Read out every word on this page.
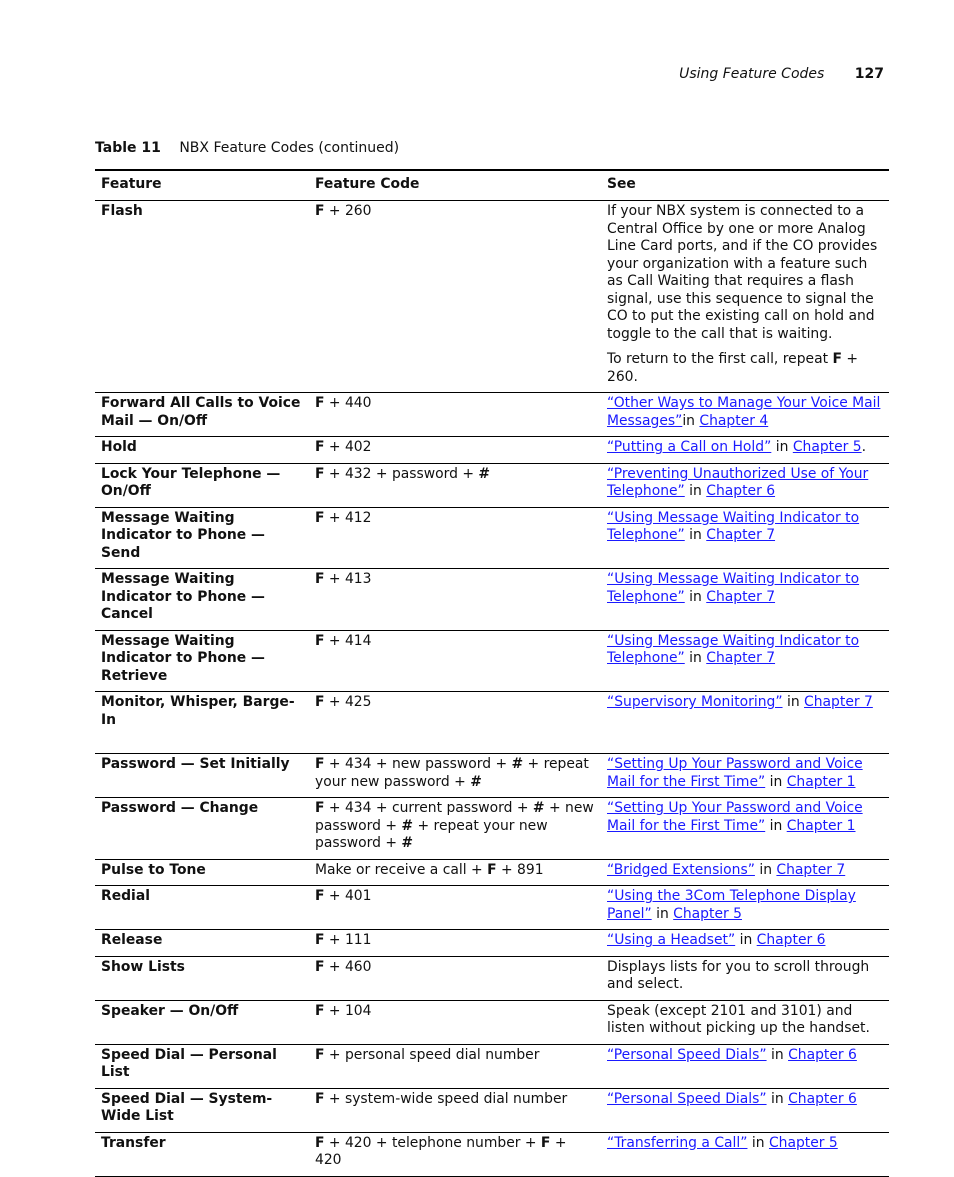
Using Feature Codes 127
Table 11 NBX Feature Codes (continued)
Feature	Feature Code	See
Flash	F + 260	If your NBX system is connected to a Central Office by one or more Analog Line Card ports, and if the CO provides your organization with a feature such as Call Waiting that requires a flash signal, use this sequence to signal the CO to put the existing call on hold and toggle to the call that is waiting.

To return to the first call, repeat F + 260.

Forward All Calls to Voice Mail — On/Off	F + 440	“Other Ways to Manage Your Voice Mail Messages”in Chapter 4

Hold	F + 402	“Putting a Call on Hold” in Chapter 5.

Lock Your Telephone — On/Off	F + 432 + password + #	“Preventing Unauthorized Use of Your Telephone” in Chapter 6

Message Waiting Indicator to Phone — Send	F + 412	“Using Message Waiting Indicator to Telephone” in Chapter 7

Message Waiting Indicator to Phone — Cancel	F + 413	“Using Message Waiting Indicator to Telephone” in Chapter 7

Message Waiting Indicator to Phone — Retrieve	F + 414	“Using Message Waiting Indicator to Telephone” in Chapter 7

Monitor, Whisper, Barge-In	F + 425	“Supervisory Monitoring” in Chapter 7

Password — Set Initially	F + 434 + new password + # + repeat your new password + #	“Setting Up Your Password and Voice Mail for the First Time” in Chapter 1

Password — Change	F + 434 + current password + # + new password + # + repeat your new password + #	“Setting Up Your Password and Voice Mail for the First Time” in Chapter 1

Pulse to Tone	Make or receive a call + F + 891	“Bridged Extensions” in Chapter 7

Redial	F + 401	“Using the 3Com Telephone Display Panel” in Chapter 5

Release	F + 111	“Using a Headset” in Chapter 6

Show Lists	F + 460	Displays lists for you to scroll through and select.

Speaker — On/Off	F + 104	Speak (except 2101 and 3101) and listen without picking up the handset.

Speed Dial — Personal List	F + personal speed dial number	“Personal Speed Dials” in Chapter 6

Speed Dial — System-Wide List	F + system-wide speed dial number	“Personal Speed Dials” in Chapter 6

Transfer	F + 420 + telephone number + F + 420	“Transferring a Call” in Chapter 5
